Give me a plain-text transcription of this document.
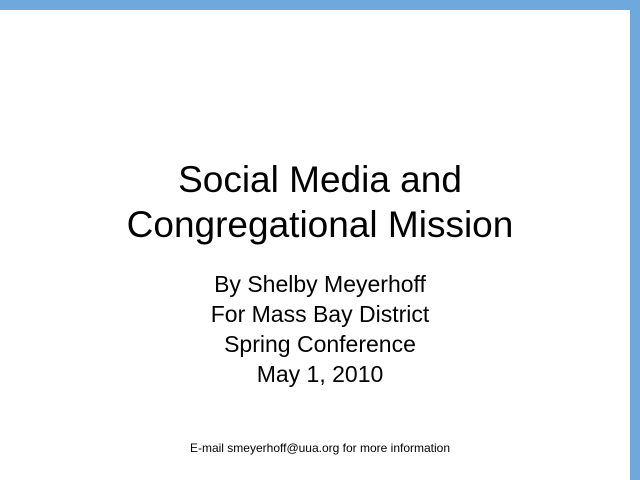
Social Media and
Congregational Mission
By Shelby Meyerhoff
For Mass Bay District
Spring Conference
May 1, 2010
E-mail smeyerhoff@uua.org for more information
